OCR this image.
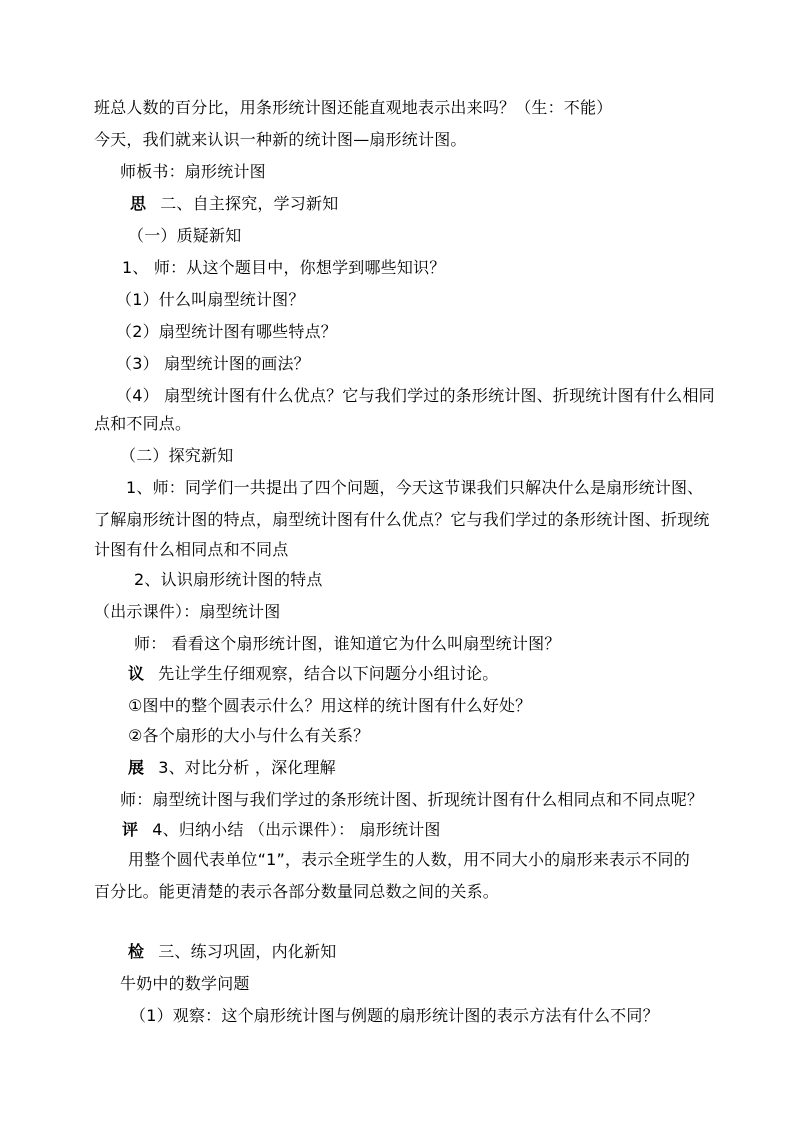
班总人数的百分比，用条形统计图还能直观地表示出来吗？（生：不能）
今天，我们就来认识一种新的统计图—扇形统计图。
师板书：扇形统计图
思 二、自主探究，学习新知
（一）质疑新知
1、 师：从这个题目中，你想学到哪些知识？
（1）什么叫扇型统计图？
（2）扇型统计图有哪些特点？
（3） 扇型统计图的画法？
（4） 扇型统计图有什么优点？它与我们学过的条形统计图、折现统计图有什么相同
点和不同点。
（二）探究新知
1、师：同学们一共提出了四个问题，今天这节课我们只解决什么是扇形统计图、
了解扇形统计图的特点，扇型统计图有什么优点？它与我们学过的条形统计图、折现统
计图有什么相同点和不同点
2、认识扇形统计图的特点
（出示课件）：扇型统计图
师： 看看这个扇形统计图，谁知道它为什么叫扇型统计图？
议 先让学生仔细观察，结合以下问题分小组讨论。
①图中的整个圆表示什么？用这样的统计图有什么好处？
②各个扇形的大小与什么有关系？
展 3、对比分析 ，深化理解
师：扇型统计图与我们学过的条形统计图、折现统计图有什么相同点和不同点呢？
评 4、归纳小结 （出示课件）： 扇形统计图
用整个圆代表单位“1”，表示全班学生的人数，用不同大小的扇形来表示不同的
百分比。能更清楚的表示各部分数量同总数之间的关系。
检 三、练习巩固，内化新知
牛奶中的数学问题
（1）观察：这个扇形统计图与例题的扇形统计图的表示方法有什么不同？
